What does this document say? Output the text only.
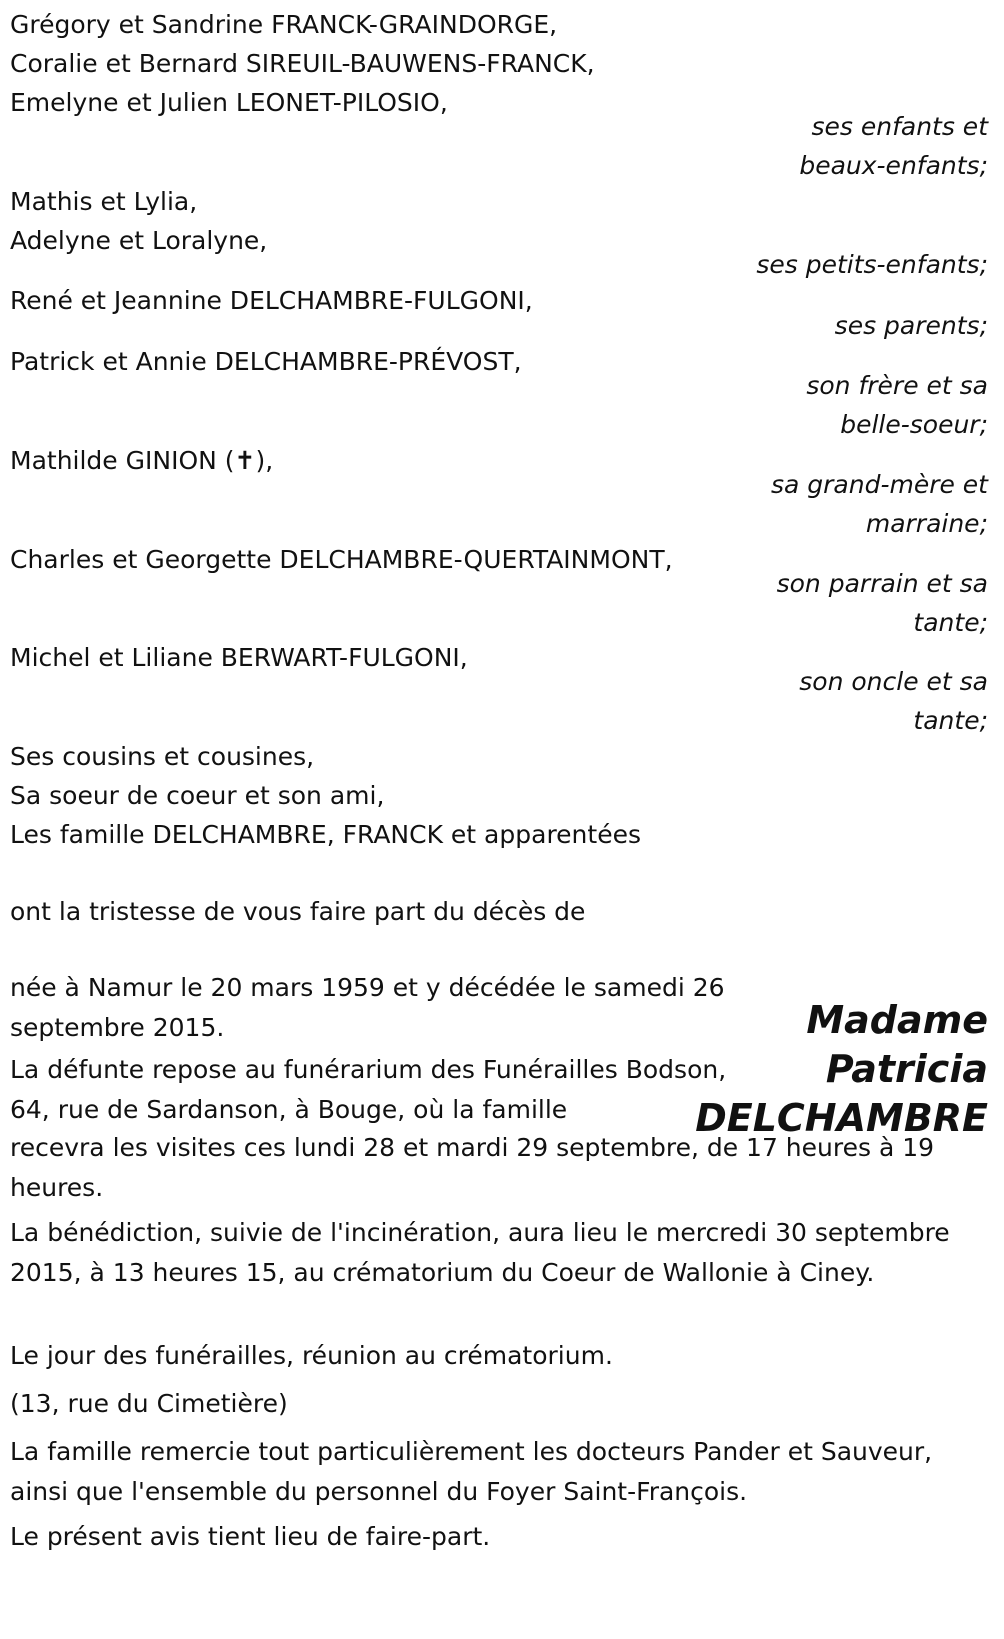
Grégory et Sandrine FRANCK-GRAINDORGE,
Coralie et Bernard SIREUIL-BAUWENS-FRANCK,
Emelyne et Julien LEONET-PILOSIO,
Mathis et Lylia,
Adelyne et Loralyne,
René et Jeannine DELCHAMBRE-FULGONI,
Patrick et Annie DELCHAMBRE-PRÉVOST,
Mathilde GINION (✝),
Charles et Georgette DELCHAMBRE-QUERTAINMONT,
Michel et Liliane BERWART-FULGONI,
Ses cousins et cousines,
Sa soeur de coeur et son ami,
Les famille DELCHAMBRE, FRANCK et apparentées
ses enfants et
beaux-enfants;
ses petits-enfants;
ses parents;
son frère et sa
belle-soeur;
sa grand-mère et
marraine;
son parrain et sa
tante;
son oncle et sa
tante;
ont la tristesse de vous faire part du décès de
Madame
Patricia
DELCHAMBRE
née à Namur le 20 mars 1959 et y décédée le samedi 26 septembre 2015.
La défunte repose au funérarium des Funérailles Bodson, 64, rue de Sardanson, à Bouge, où la famille
recevra les visites ces lundi 28 et mardi 29 septembre, de 17 heures à 19 heures.
La bénédiction, suivie de l'incinération, aura lieu le mercredi 30 septembre 2015, à 13 heures 15, au crématorium du Coeur de Wallonie à Ciney.
Le jour des funérailles, réunion au crématorium.
(13, rue du Cimetière)
La famille remercie tout particulièrement les docteurs Pander et Sauveur, ainsi que l'ensemble du personnel du Foyer Saint-François.
Le présent avis tient lieu de faire-part.
